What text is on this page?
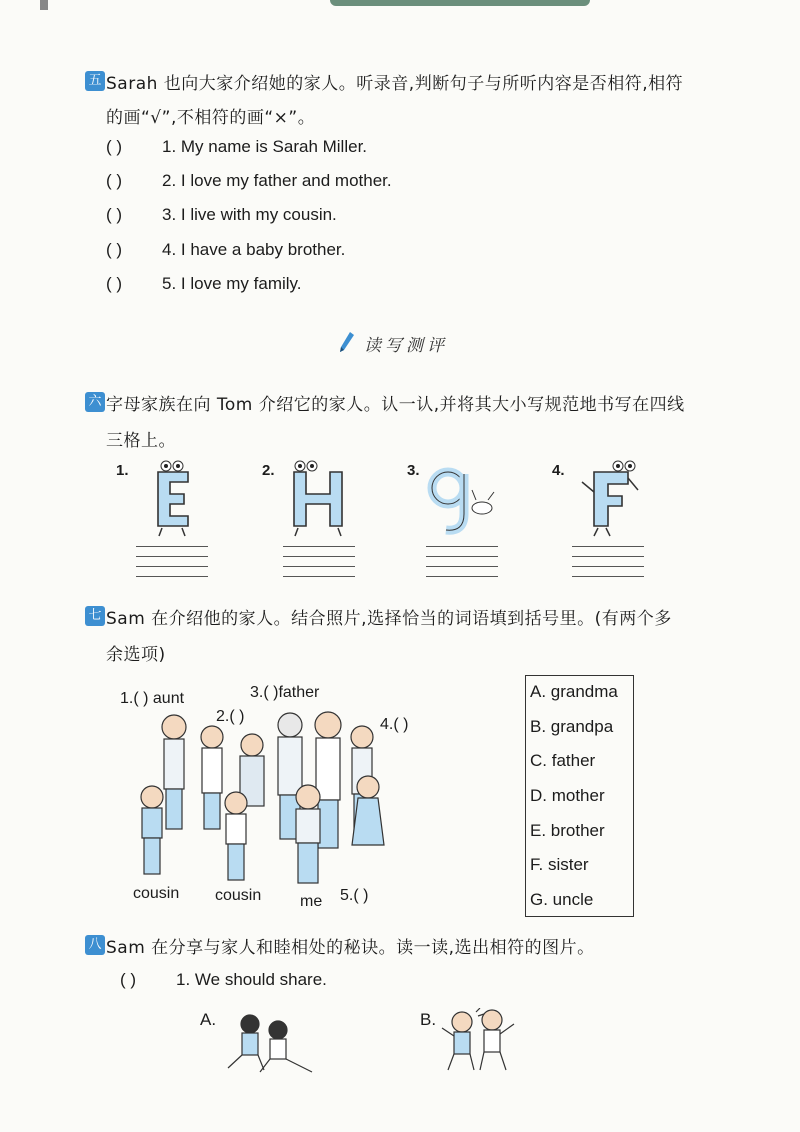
五 Sarah 也向大家介绍她的家人。听录音,判断句子与所听内容是否相符,相符
的画“√”,不相符的画“×”。
( ) 1. My name is Sarah Miller.
( ) 2. I love my father and mother.
( ) 3. I live with my cousin.
( ) 4. I have a baby brother.
( ) 5. I love my family.
读写测评
六 字母家族在向 Tom 介绍它的家人。认一认,并将其大小写规范地书写在四线
三格上。
1.	2.	3.	4.
七 Sam 在介绍他的家人。结合照片,选择恰当的词语填到括号里。(有两个多
余选项)
1.( ) aunt
2.( )
3.( )father
4.( )
5.( )
cousin cousin me
A. grandma
B. grandpa
C. father
D. mother
E. brother
F. sister
G. uncle
八 Sam 在分享与家人和睦相处的秘诀。读一读,选出相符的图片。
( ) 1. We should share.
A.	B.
